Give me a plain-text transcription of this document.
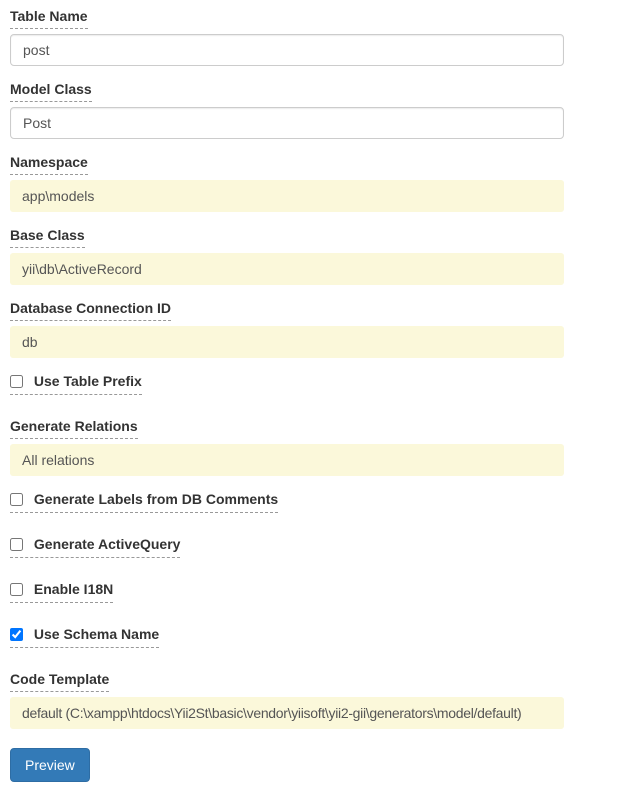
Table Name
post
Model Class
Post
Namespace
app\models
Base Class
yii\db\ActiveRecord
Database Connection ID
db
Use Table Prefix
Generate Relations
All relations
Generate Labels from DB Comments
Generate ActiveQuery
Enable I18N
Use Schema Name
Code Template
default (C:\xampp\htdocs\Yii2St\basic\vendor\yiisoft\yii2-gii\generators\model/default)
Preview
